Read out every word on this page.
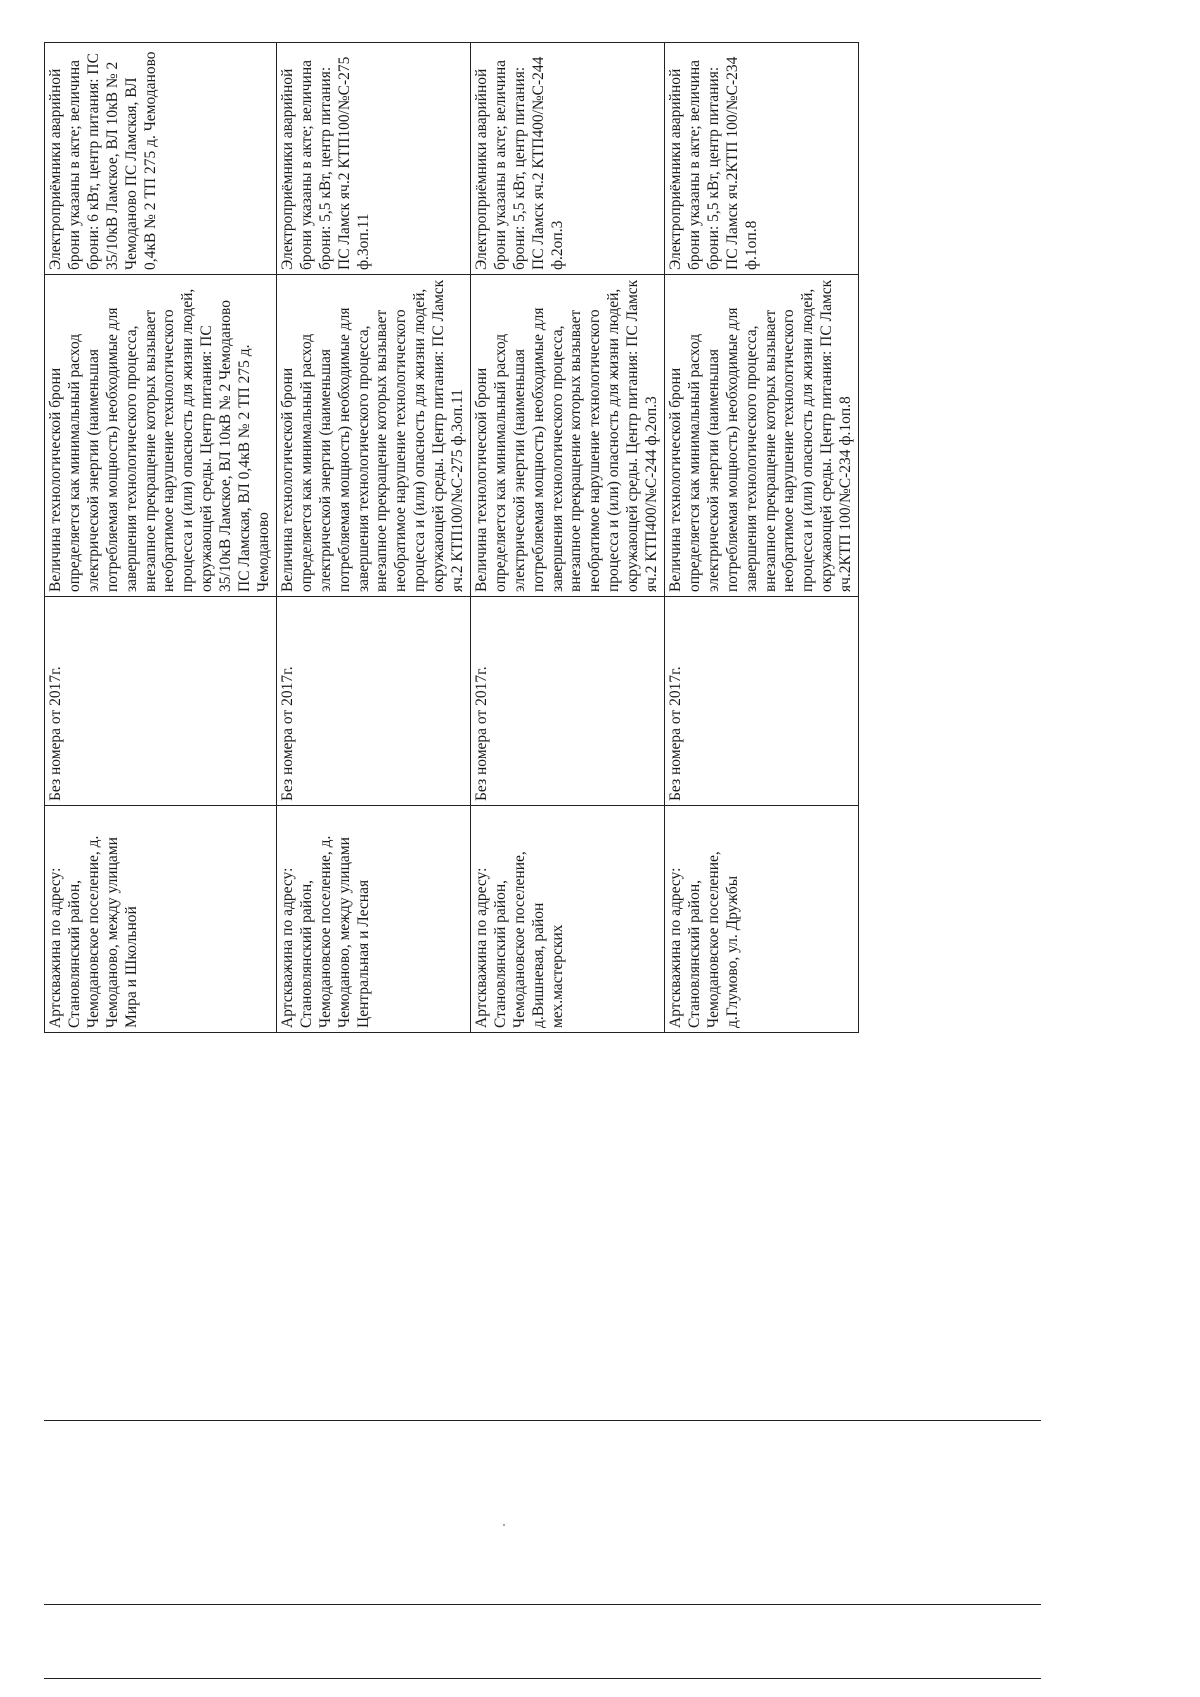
Артскважина по адресу: Становлянский район, Чемодановское поселение, д. Чемоданово, между улицами Мира и Школьной	Без номера от 2017г.	Величина технологической брони определяется как минимальный расход электрической энергии (наименьшая потребляемая мощность) необходимые для завершения технологического процесса, внезапное прекращение которых вызывает необратимое нарушение технологического процесса и (или) опасность для жизни людей, окружающей среды. Центр питания: ПС 35/10кВ Ламское, ВЛ 10кВ № 2 Чемоданово ПС Ламская, ВЛ 0,4кВ № 2 ТП 275 д. Чемоданово	Электроприёмники аварийной брони указаны в акте; величина брони: 6 кВт, центр питания: ПС 35/10кВ Ламское, ВЛ 10кВ № 2 Чемоданово ПС Ламская, ВЛ 0,4кВ № 2 ТП 275 д. Чемоданово
Артскважина по адресу: Становлянский район, Чемодановское поселение, д. Чемоданово, между улицами Центральная и Лесная	Без номера от 2017г.	Величина технологической брони определяется как минимальный расход электрической энергии (наименьшая потребляемая мощность) необходимые для завершения технологического процесса, внезапное прекращение которых вызывает необратимое нарушение технологического процесса и (или) опасность для жизни людей, окружающей среды. Центр питания: ПС Ламск яч.2 КТП100/№С-275 ф.3оп.11	Электроприёмники аварийной брони указаны в акте; величина брони: 5,5 кВт, центр питания: ПС Ламск яч.2 КТП100/№С-275 ф.3оп.11
Артскважина по адресу: Становлянский район, Чемодановское поселение, д.Вишневая, район мех.мастерских	Без номера от 2017г.	Величина технологической брони определяется как минимальный расход электрической энергии (наименьшая потребляемая мощность) необходимые для завершения технологического процесса, внезапное прекращение которых вызывает необратимое нарушение технологического процесса и (или) опасность для жизни людей, окружающей среды. Центр питания: ПС Ламск яч.2 КТП400/№С-244 ф.2оп.3	Электроприёмники аварийной брони указаны в акте; величина брони: 5,5 кВт, центр питания: ПС Ламск яч.2 КТП400/№С-244 ф.2оп.3
Артскважина по адресу: Становлянский район, Чемодановское поселение, д.Глумово, ул. Дружбы	Без номера от 2017г.	Величина технологической брони определяется как минимальный расход электрической энергии (наименьшая потребляемая мощность) необходимые для завершения технологического процесса, внезапное прекращение которых вызывает необратимое нарушение технологического процесса и (или) опасность для жизни людей, окружающей среды. Центр питания: ПС Ламск яч.2КТП 100/№С-234 ф.1оп.8	Электроприёмники аварийной брони указаны в акте; величина брони: 5,5 кВт, центр питания: ПС Ламск яч.2КТП 100/№С-234 ф.1оп.8
